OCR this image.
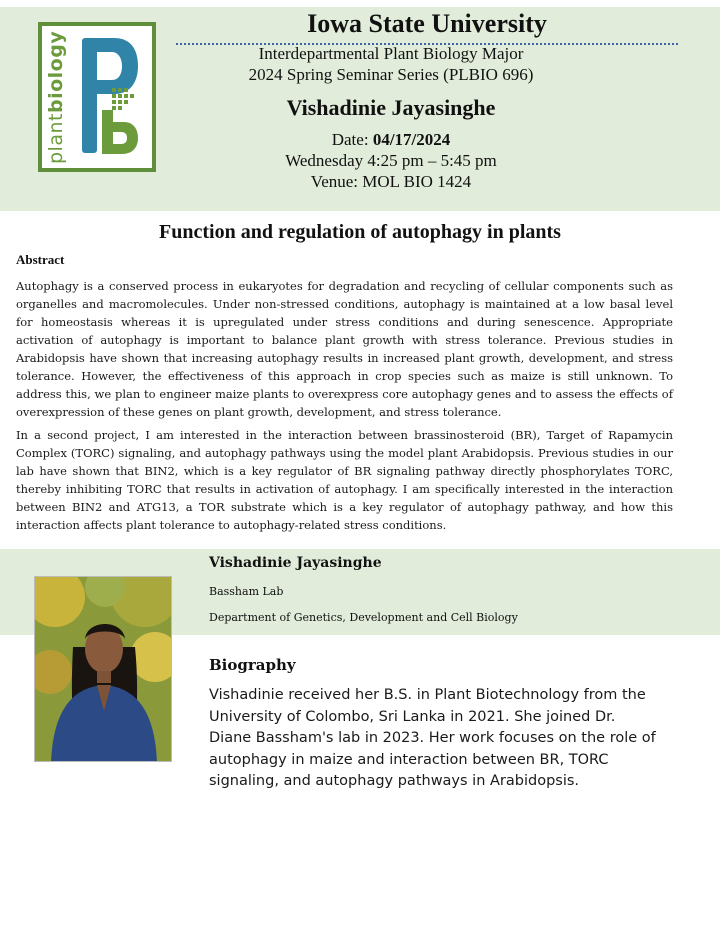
plantbiology
Iowa State University
Interdepartmental Plant Biology Major
2024 Spring Seminar Series (PLBIO 696)
Vishadinie Jayasinghe
Date: 04/17/2024
Wednesday 4:25 pm – 5:45 pm
Venue: MOL BIO 1424
Function and regulation of autophagy in plants
Abstract

Autophagy is a conserved process in eukaryotes for degradation and recycling of cellular components such as organelles and macromolecules. Under non-stressed conditions, autophagy is maintained at a low basal level for homeostasis whereas it is upregulated under stress conditions and during senescence. Appropriate activation of autophagy is important to balance plant growth with stress tolerance. Previous studies in Arabidopsis have shown that increasing autophagy results in increased plant growth, development, and stress tolerance. However, the effectiveness of this approach in crop species such as maize is still unknown. To address this, we plan to engineer maize plants to overexpress core autophagy genes and to assess the effects of overexpression of these genes on plant growth, development, and stress tolerance.

In a second project, I am interested in the interaction between brassinosteroid (BR), Target of Rapamycin Complex (TORC) signaling, and autophagy pathways using the model plant Arabidopsis. Previous studies in our lab have shown that BIN2, which is a key regulator of BR signaling pathway directly phosphorylates TORC, thereby inhibiting TORC that results in activation of autophagy. I am specifically interested in the interaction between BIN2 and ATG13, a TOR substrate which is a key regulator of autophagy pathway, and how this interaction affects plant tolerance to autophagy-related stress conditions.

Vishadinie Jayasinghe
Bassham Lab
Department of Genetics, Development and Cell Biology
Biography

Vishadinie received her B.S. in Plant Biotechnology from the University of Colombo, Sri Lanka in 2021. She joined Dr. Diane Bassham's lab in 2023. Her work focuses on the role of autophagy in maize and interaction between BR, TORC signaling, and autophagy pathways in Arabidopsis.
